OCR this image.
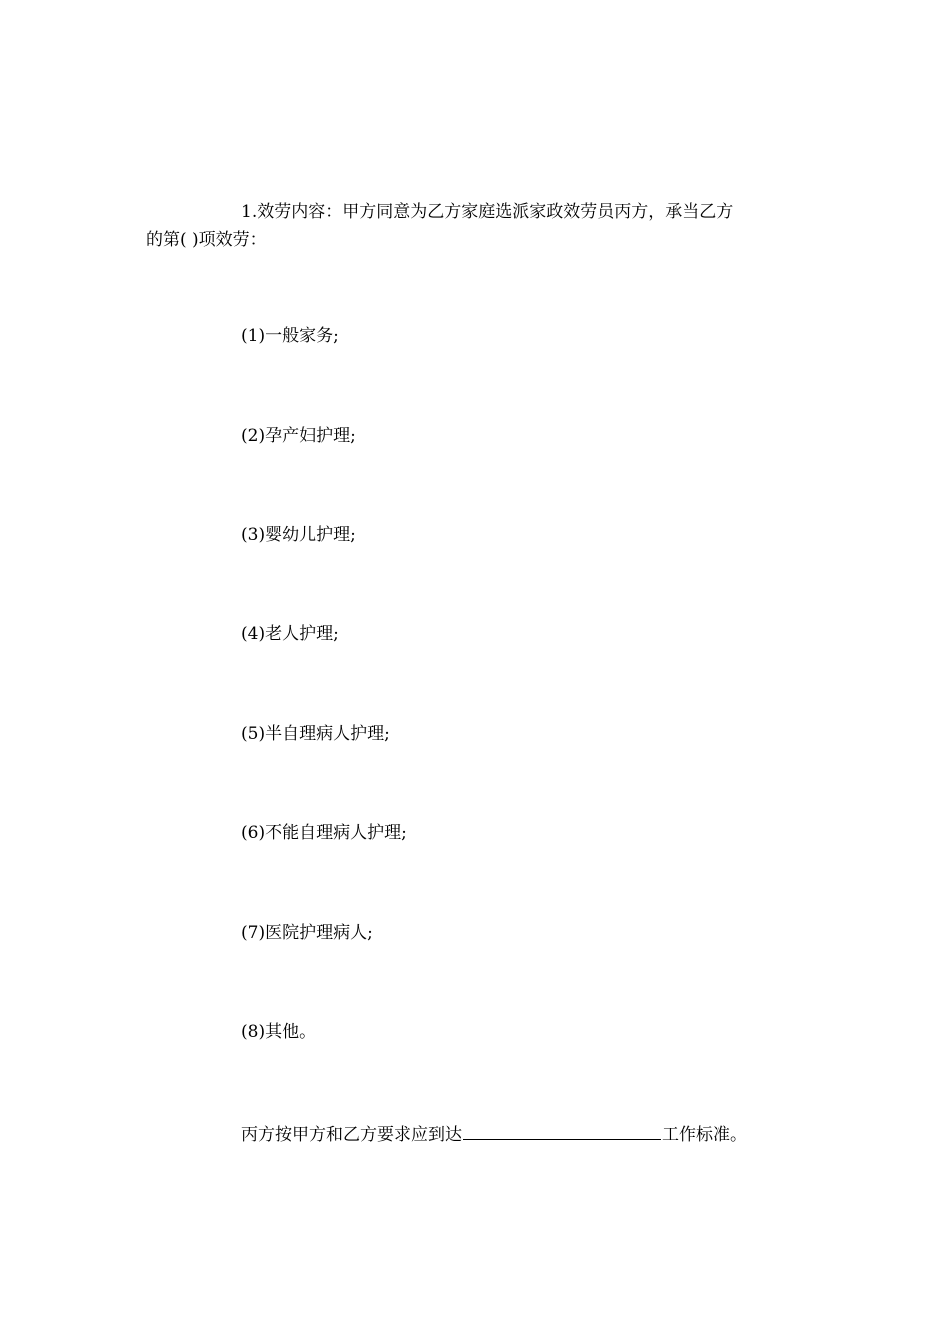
1.效劳内容：甲方同意为乙方家庭选派家政效劳员丙方，承当乙方
的第( )项效劳：

(1)一般家务;

(2)孕产妇护理;

(3)婴幼儿护理;

(4)老人护理;

(5)半自理病人护理;

(6)不能自理病人护理;

(7)医院护理病人;

(8)其他。

丙方按甲方和乙方要求应到达	工作标准。
